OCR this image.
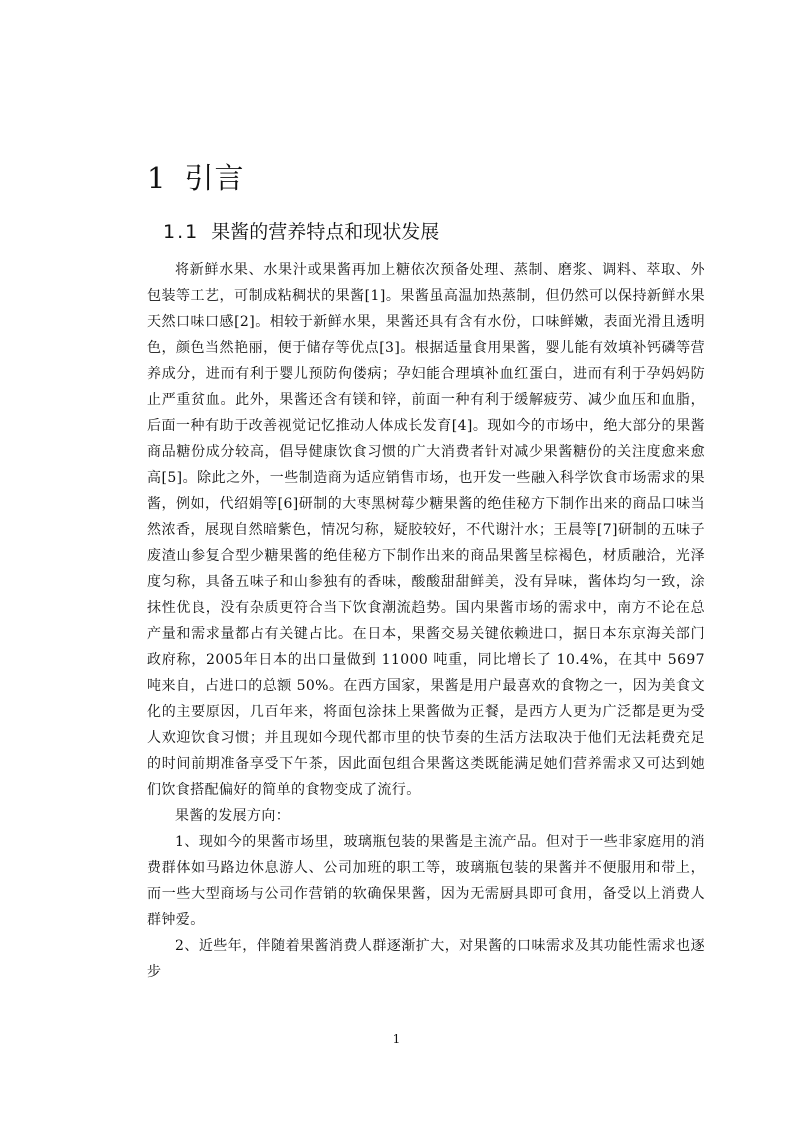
1 引言
1.1 果酱的营养特点和现状发展

将新鲜水果、水果汁或果酱再加上糖依次预备处理、蒸制、磨浆、调料、萃取、外包装等工艺，可制成粘稠状的果酱[1]。果酱虽高温加热蒸制，但仍然可以保持新鲜水果天然口味口感[2]。相较于新鲜水果，果酱还具有含有水份，口味鲜嫩，表面光滑且透明色，颜色当然艳丽，便于储存等优点[3]。根据适量食用果酱，婴儿能有效填补钙磷等营养成分，进而有利于婴儿预防佝偻病；孕妇能合理填补血红蛋白，进而有利于孕妈妈防止严重贫血。此外，果酱还含有镁和锌，前面一种有利于缓解疲劳、减少血压和血脂，后面一种有助于改善视觉记忆推动人体成长发育[4]。现如今的市场中，绝大部分的果酱商品糖份成分较高，倡导健康饮食习惯的广大消费者针对减少果酱糖份的关注度愈来愈高[5]。除此之外，一些制造商为适应销售市场，也开发一些融入科学饮食市场需求的果酱，例如，代绍娟等[6]研制的大枣黑树莓少糖果酱的绝佳秘方下制作出来的商品口味当然浓香，展现自然暗紫色，情况匀称，疑胶较好，不代谢汁水；王晨等[7]研制的五味子废渣山参复合型少糖果酱的绝佳秘方下制作出来的商品果酱呈棕褐色，材质融洽，光泽度匀称，具备五味子和山参独有的香味，酸酸甜甜鲜美，没有异味，酱体均匀一致，涂抹性优良，没有杂质更符合当下饮食潮流趋势。国内果酱市场的需求中，南方不论在总产量和需求量都占有关键占比。在日本，果酱交易关键依赖进口，据日本东京海关部门政府称，2005年日本的出口量做到 11000 吨重，同比增长了 10.4%，在其中 5697 吨来自，占进口的总额 50%。在西方国家，果酱是用户最喜欢的食物之一，因为美食文化的主要原因，几百年来，将面包涂抹上果酱做为正餐，是西方人更为广泛都是更为受人欢迎饮食习惯；并且现如今现代都市里的快节奏的生活方法取决于他们无法耗费充足的时间前期准备享受下午茶，因此面包组合果酱这类既能满足她们营养需求又可达到她们饮食搭配偏好的简单的食物变成了流行。

果酱的发展方向：

1、现如今的果酱市场里，玻璃瓶包装的果酱是主流产品。但对于一些非家庭用的消费群体如马路边休息游人、公司加班的职工等，玻璃瓶包装的果酱并不便服用和带上，而一些大型商场与公司作营销的软确保果酱，因为无需厨具即可食用，备受以上消费人群钟爱。

2、近些年，伴随着果酱消费人群逐渐扩大，对果酱的口味需求及其功能性需求也逐步

1
